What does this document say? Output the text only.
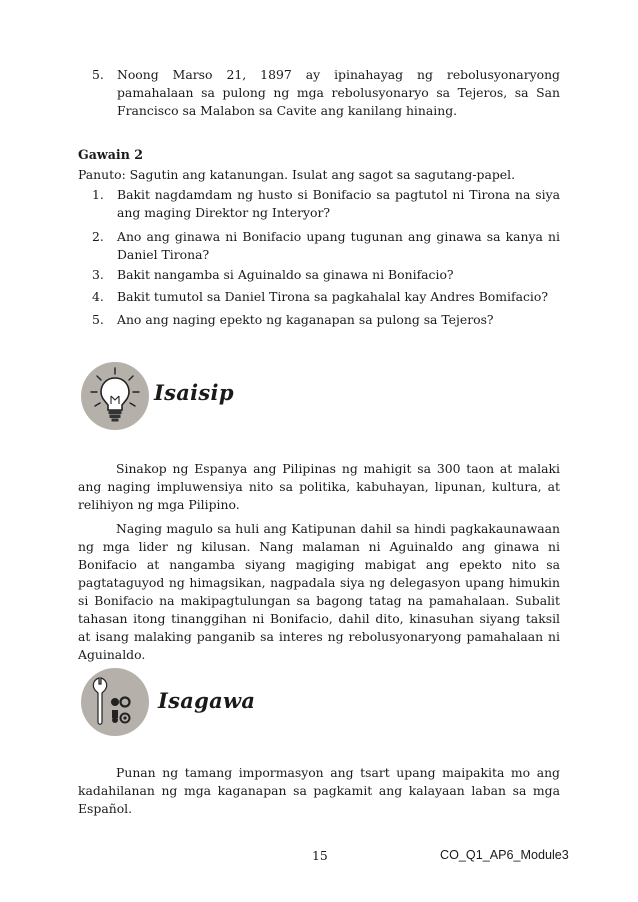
5.	Noong Marso 21, 1897 ay ipinahayag ng rebolusyonaryong pamahalaan sa pulong ng mga rebolusyonaryo sa Tejeros, sa San Francisco sa Malabon sa Cavite ang kanilang hinaing.
Gawain 2
Panuto: Sagutin ang katanungan. Isulat ang sagot sa sagutang-papel.
1.	Bakit nagdamdam ng husto si Bonifacio sa pagtutol ni Tirona na siya ang maging Direktor ng Interyor?
2.	Ano ang ginawa ni Bonifacio upang tugunan ang ginawa sa kanya ni Daniel Tirona?
3.	Bakit nangamba si Aguinaldo sa ginawa ni Bonifacio?
4.	Bakit tumutol sa Daniel Tirona sa pagkahalal kay Andres Bomifacio?
5.	Ano ang naging epekto ng kaganapan sa pulong sa Tejeros?
Isaisip
Sinakop ng Espanya ang Pilipinas ng mahigit sa 300 taon at malaki ang naging impluwensiya nito sa politika, kabuhayan, lipunan, kultura, at relihiyon ng mga Pilipino.
Naging magulo sa huli ang Katipunan dahil sa hindi pagkakaunawaan ng mga lider ng kilusan. Nang malaman ni Aguinaldo ang ginawa ni Bonifacio at nangamba siyang magiging mabigat ang epekto nito sa pagtataguyod ng himagsikan, nagpadala siya ng delegasyon upang himukin si Bonifacio na makipagtulungan sa bagong tatag na pamahalaan. Subalit tahasan itong tinanggihan ni Bonifacio, dahil dito, kinasuhan siyang taksil at isang malaking panganib sa interes ng rebolusyonaryong pamahalaan ni Aguinaldo.
Isagawa
Punan ng tamang impormasyon ang tsart upang maipakita mo ang kadahilanan ng mga kaganapan sa pagkamit ang kalayaan laban sa mga Español.
15	CO_Q1_AP6_Module3
